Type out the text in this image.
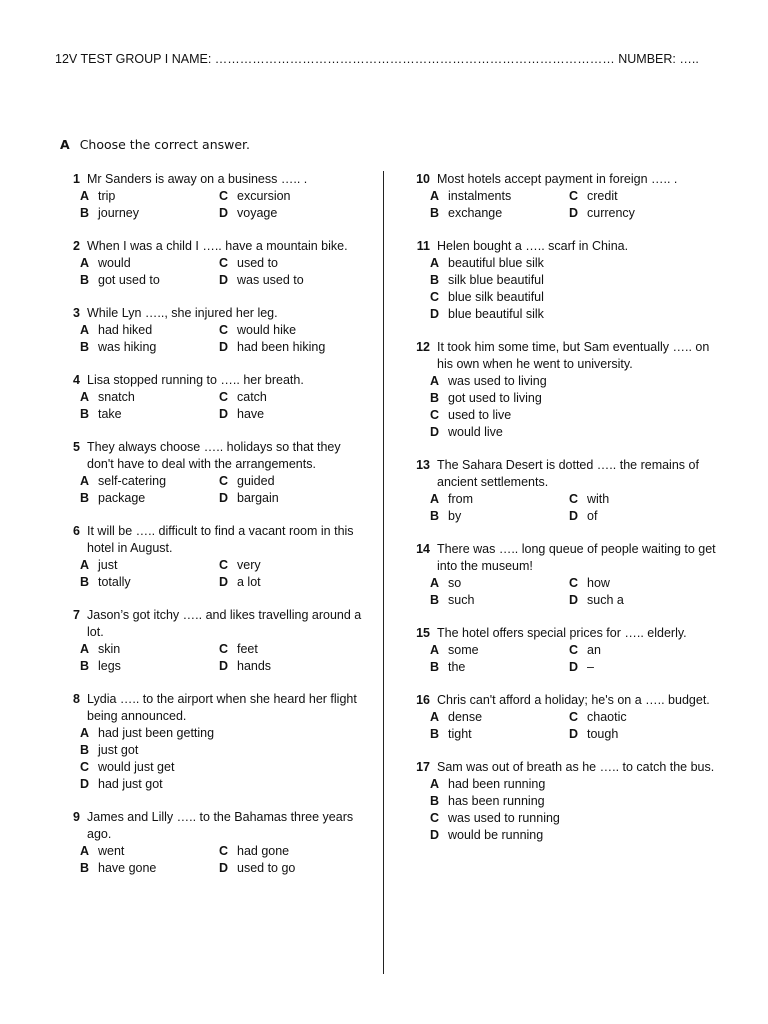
12V TEST GROUP I NAME: …………………………………………………………………………………… NUMBER: …..
A Choose the correct answer.
1 Mr Sanders is away on a business ….. .
A trip	C excursion
B journey	D voyage
2 When I was a child I ….. have a mountain bike.
A would	C used to
B got used to	D was used to
3 While Lyn ….., she injured her leg.
A had hiked	C would hike
B was hiking	D had been hiking
4 Lisa stopped running to ….. her breath.
A snatch	C catch
B take	D have
5 They always choose ….. holidays so that they don't have to deal with the arrangements.
A self-catering	C guided
B package	D bargain
6 It will be ….. difficult to find a vacant room in this hotel in August.
A just	C very
B totally	D a lot
7 Jason’s got itchy ….. and likes travelling around a lot.
A skin	C feet
B legs	D hands
8 Lydia ….. to the airport when she heard her flight being announced.
A had just been getting
B just got
C would just get
D had just got
9 James and Lilly ….. to the Bahamas three years ago.
A went	C had gone
B have gone	D used to go
10 Most hotels accept payment in foreign ….. .
A instalments	C credit
B exchange	D currency
11 Helen bought a ….. scarf in China.
A beautiful blue silk
B silk blue beautiful
C blue silk beautiful
D blue beautiful silk
12 It took him some time, but Sam eventually ….. on his own when he went to university.
A was used to living
B got used to living
C used to live
D would live
13 The Sahara Desert is dotted ….. the remains of ancient settlements.
A from	C with
B by	D of
14 There was ….. long queue of people waiting to get into the museum!
A so	C how
B such	D such a
15 The hotel offers special prices for ….. elderly.
A some	C an
B the	D –
16 Chris can't afford a holiday; he's on a ….. budget.
A dense	C chaotic
B tight	D tough
17 Sam was out of breath as he ….. to catch the bus.
A had been running
B has been running
C was used to running
D would be running
